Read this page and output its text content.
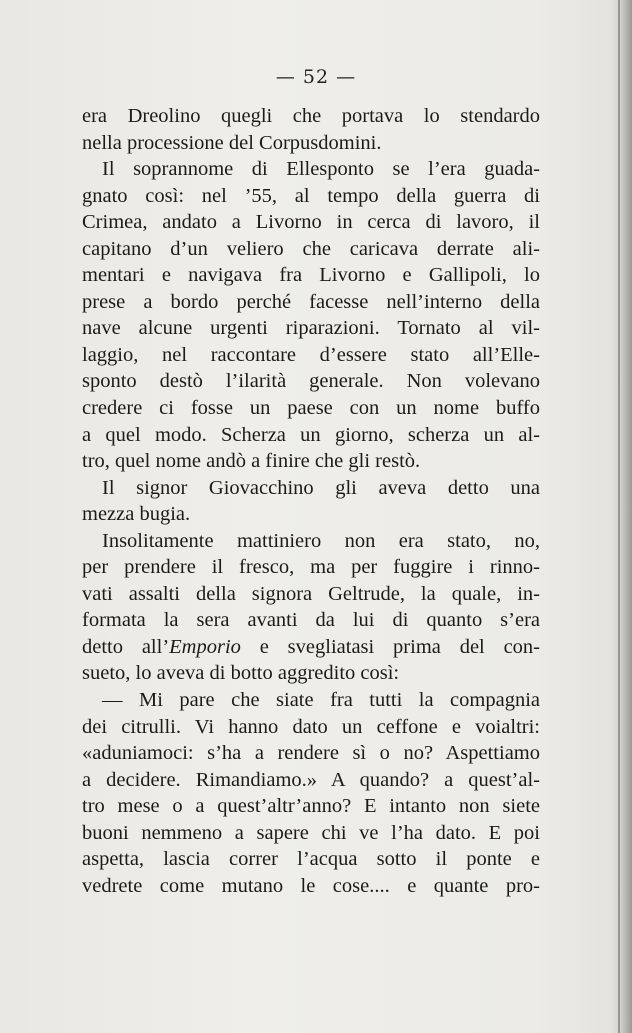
— 52 —
era Dreolino quegli che portava lo stendardo
nella processione del Corpusdomini.
Il soprannome di Ellesponto se l’era guada-
gnato così: nel ’55, al tempo della guerra di
Crimea, andato a Livorno in cerca di lavoro, il
capitano d’un veliero che caricava derrate ali-
mentari e navigava fra Livorno e Gallipoli, lo
prese a bordo perché facesse nell’interno della
nave alcune urgenti riparazioni. Tornato al vil-
laggio, nel raccontare d’essere stato all’Elle-
sponto destò l’ilarità generale. Non volevano
credere ci fosse un paese con un nome buffo
a quel modo. Scherza un giorno, scherza un al-
tro, quel nome andò a finire che gli restò.
Il signor Giovacchino gli aveva detto una
mezza bugia.
Insolitamente mattiniero non era stato, no,
per prendere il fresco, ma per fuggire i rinno-
vati assalti della signora Geltrude, la quale, in-
formata la sera avanti da lui di quanto s’era
detto all’Emporio e svegliatasi prima del con-
sueto, lo aveva di botto aggredito così:
— Mi pare che siate fra tutti la compagnia
dei citrulli. Vi hanno dato un ceffone e voialtri:
«aduniamoci: s’ha a rendere sì o no? Aspettiamo
a decidere. Rimandiamo.» A quando? a quest’al-
tro mese o a quest’altr’anno? E intanto non siete
buoni nemmeno a sapere chi ve l’ha dato. E poi
aspetta, lascia correr l’acqua sotto il ponte e
vedrete come mutano le cose.... e quante pro-
